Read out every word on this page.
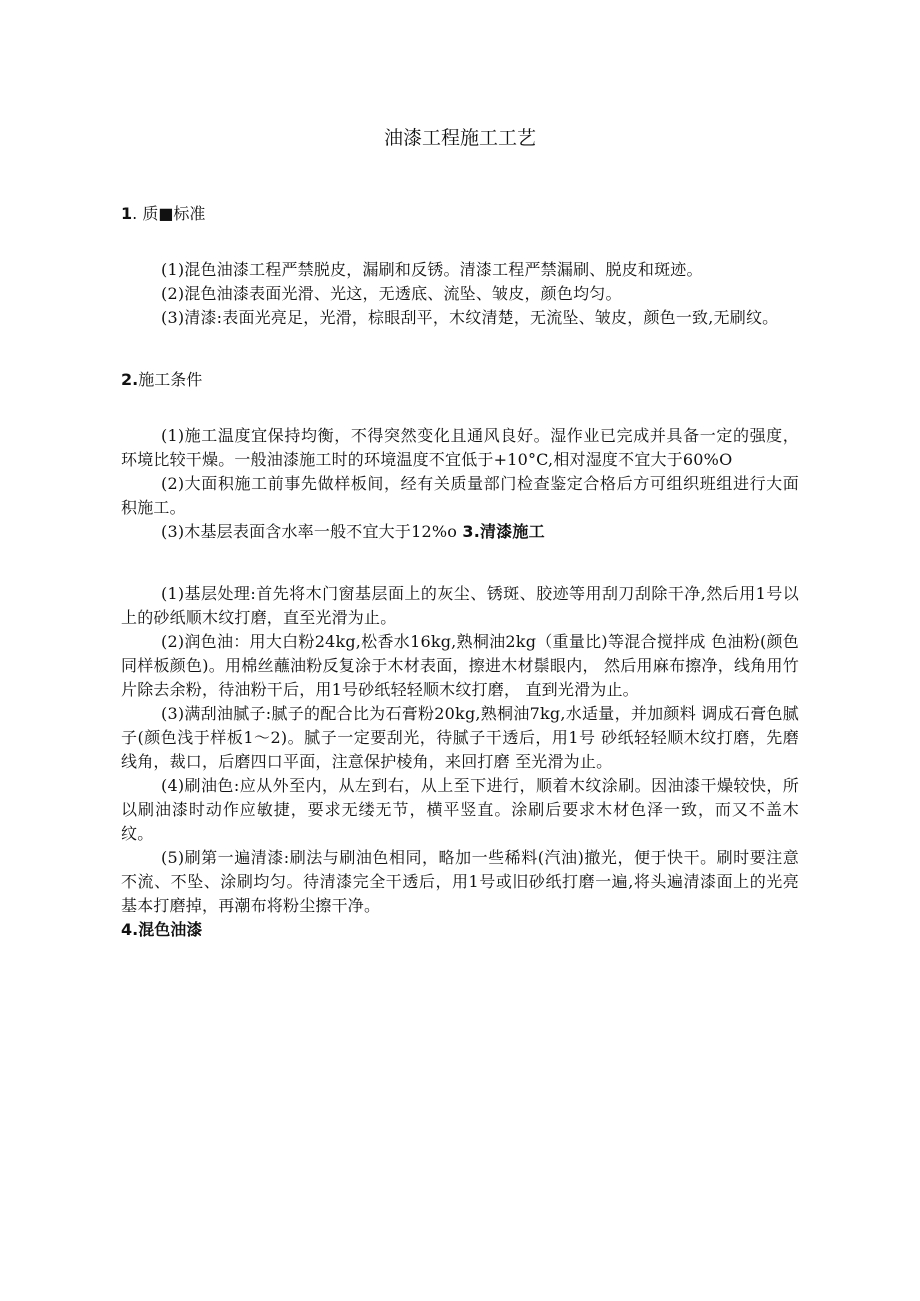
油漆工程施工工艺
1. 质■标准

(1)混色油漆工程严禁脱皮，漏刷和反锈。清漆工程严禁漏刷、脱皮和斑迹。

(2)混色油漆表面光滑、光这，无透底、流坠、皱皮，颜色均匀。

(3)清漆:表面光亮足，光滑，棕眼刮平，木纹清楚，无流坠、皱皮，颜色一致,无刷纹。

2.施工条件

(1)施工温度宜保持均衡，不得突然变化且通风良好。湿作业已完成并具备一定的强度，环境比较干燥。一般油漆施工时的环境温度不宜低于+10°C,相对湿度不宜大于60%O

(2)大面积施工前事先做样板间，经有关质量部门检查鉴定合格后方可组织班组进行大面积施工。

(3)木基层表面含水率一般不宜大于12%o 3.清漆施工

(1)基层处理:首先将木门窗基层面上的灰尘、锈斑、胶迹等用刮刀刮除干净,然后用1号以上的砂纸顺木纹打磨，直至光滑为止。

(2)润色油：用大白粉24kg,松香水16kg,熟桐油2kg（重量比)等混合搅拌成 色油粉(颜色同样板颜色)。用棉丝蘸油粉反复涂于木材表面，擦进木材鬃眼内， 然后用麻布擦净，线角用竹片除去余粉，待油粉干后，用1号砂纸轻轻顺木纹打磨， 直到光滑为止。

(3)满刮油腻子:腻子的配合比为石膏粉20kg,熟桐油7kg,水适量，并加颜料 调成石膏色腻子(颜色浅于样板1〜2)。腻子一定要刮光，待腻子干透后，用1号 砂纸轻轻顺木纹打磨，先磨线角，裁口，后磨四口平面，注意保护棱角，来回打磨 至光滑为止。

(4)刷油色:应从外至内，从左到右，从上至下进行，顺着木纹涂刷。因油漆干燥较快，所以刷油漆时动作应敏捷，要求无缕无节，横平竖直。涂刷后要求木材色泽一致，而又不盖木纹。

(5)刷第一遍清漆:刷法与刷油色相同，略加一些稀料(汽油)撤光，便于快干。刷时要注意不流、不坠、涂刷均匀。待清漆完全干透后，用1号或旧砂纸打磨一遍,将头遍清漆面上的光亮基本打磨掉，再潮布将粉尘擦干净。

4.混色油漆
